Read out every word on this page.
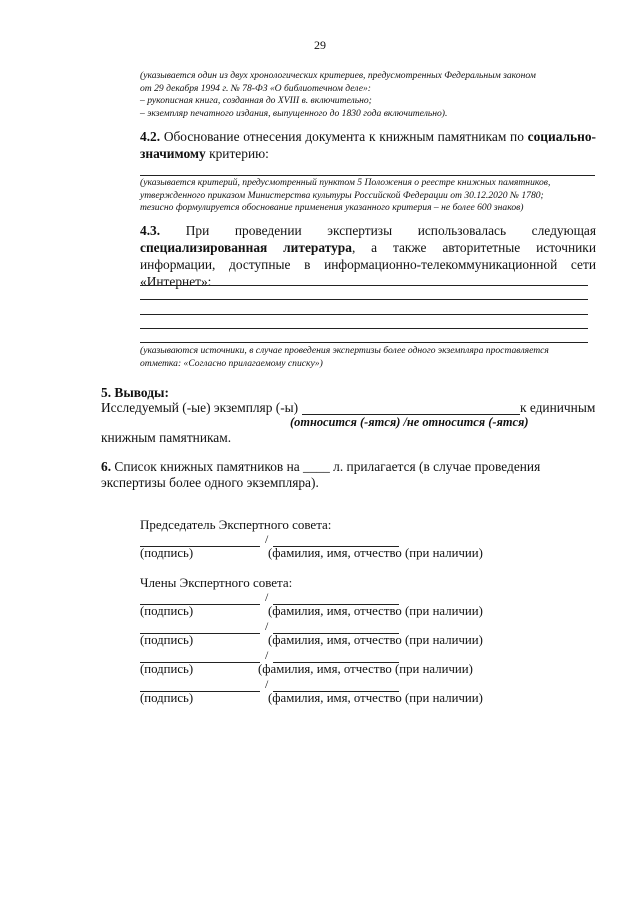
29
(указывается один из двух хронологических критериев, предусмотренных Федеральным законом
от 29 декабря 1994 г. № 78-ФЗ «О библиотечном деле»:
– рукописная книга, созданная до XVIII в. включительно;
– экземпляр печатного издания, выпущенного до 1830 года включительно).
4.2. Обоснование отнесения документа к книжным памятникам по социально-значимому критерию:
(указывается критерий, предусмотренный пунктом 5 Положения о реестре книжных памятников,
утвержденного приказом Министерства культуры Российской Федерации от 30.12.2020 № 1780;
тезисно формулируется обоснование применения указанного критерия – не более 600 знаков)
4.3. При проведении экспертизы использовалась следующая специализированная литература, а также авторитетные источники информации, доступные в информационно-телекоммуникационной сети «Интернет»:
(указываются источники, в случае проведения экспертизы более одного экземпляра проставляется
отметка: «Согласно прилагаемому списку»)
5. Выводы:
Исследуемый (-ые) экземпляр (-ы)	к единичным
(относится (-ятся) /не относится (-ятся)
книжным памятникам.
6. Список книжных памятников на ____ л. прилагается (в случае проведения экспертизы более одного экземпляра).
Председатель Экспертного совета:
/
(подпись)	(фамилия, имя, отчество (при наличии)
Члены Экспертного совета:
/
(подпись)	(фамилия, имя, отчество (при наличии)
/
(подпись)	(фамилия, имя, отчество (при наличии)
/
(подпись)	(фамилия, имя, отчество (при наличии)
/
(подпись)	(фамилия, имя, отчество (при наличии)
